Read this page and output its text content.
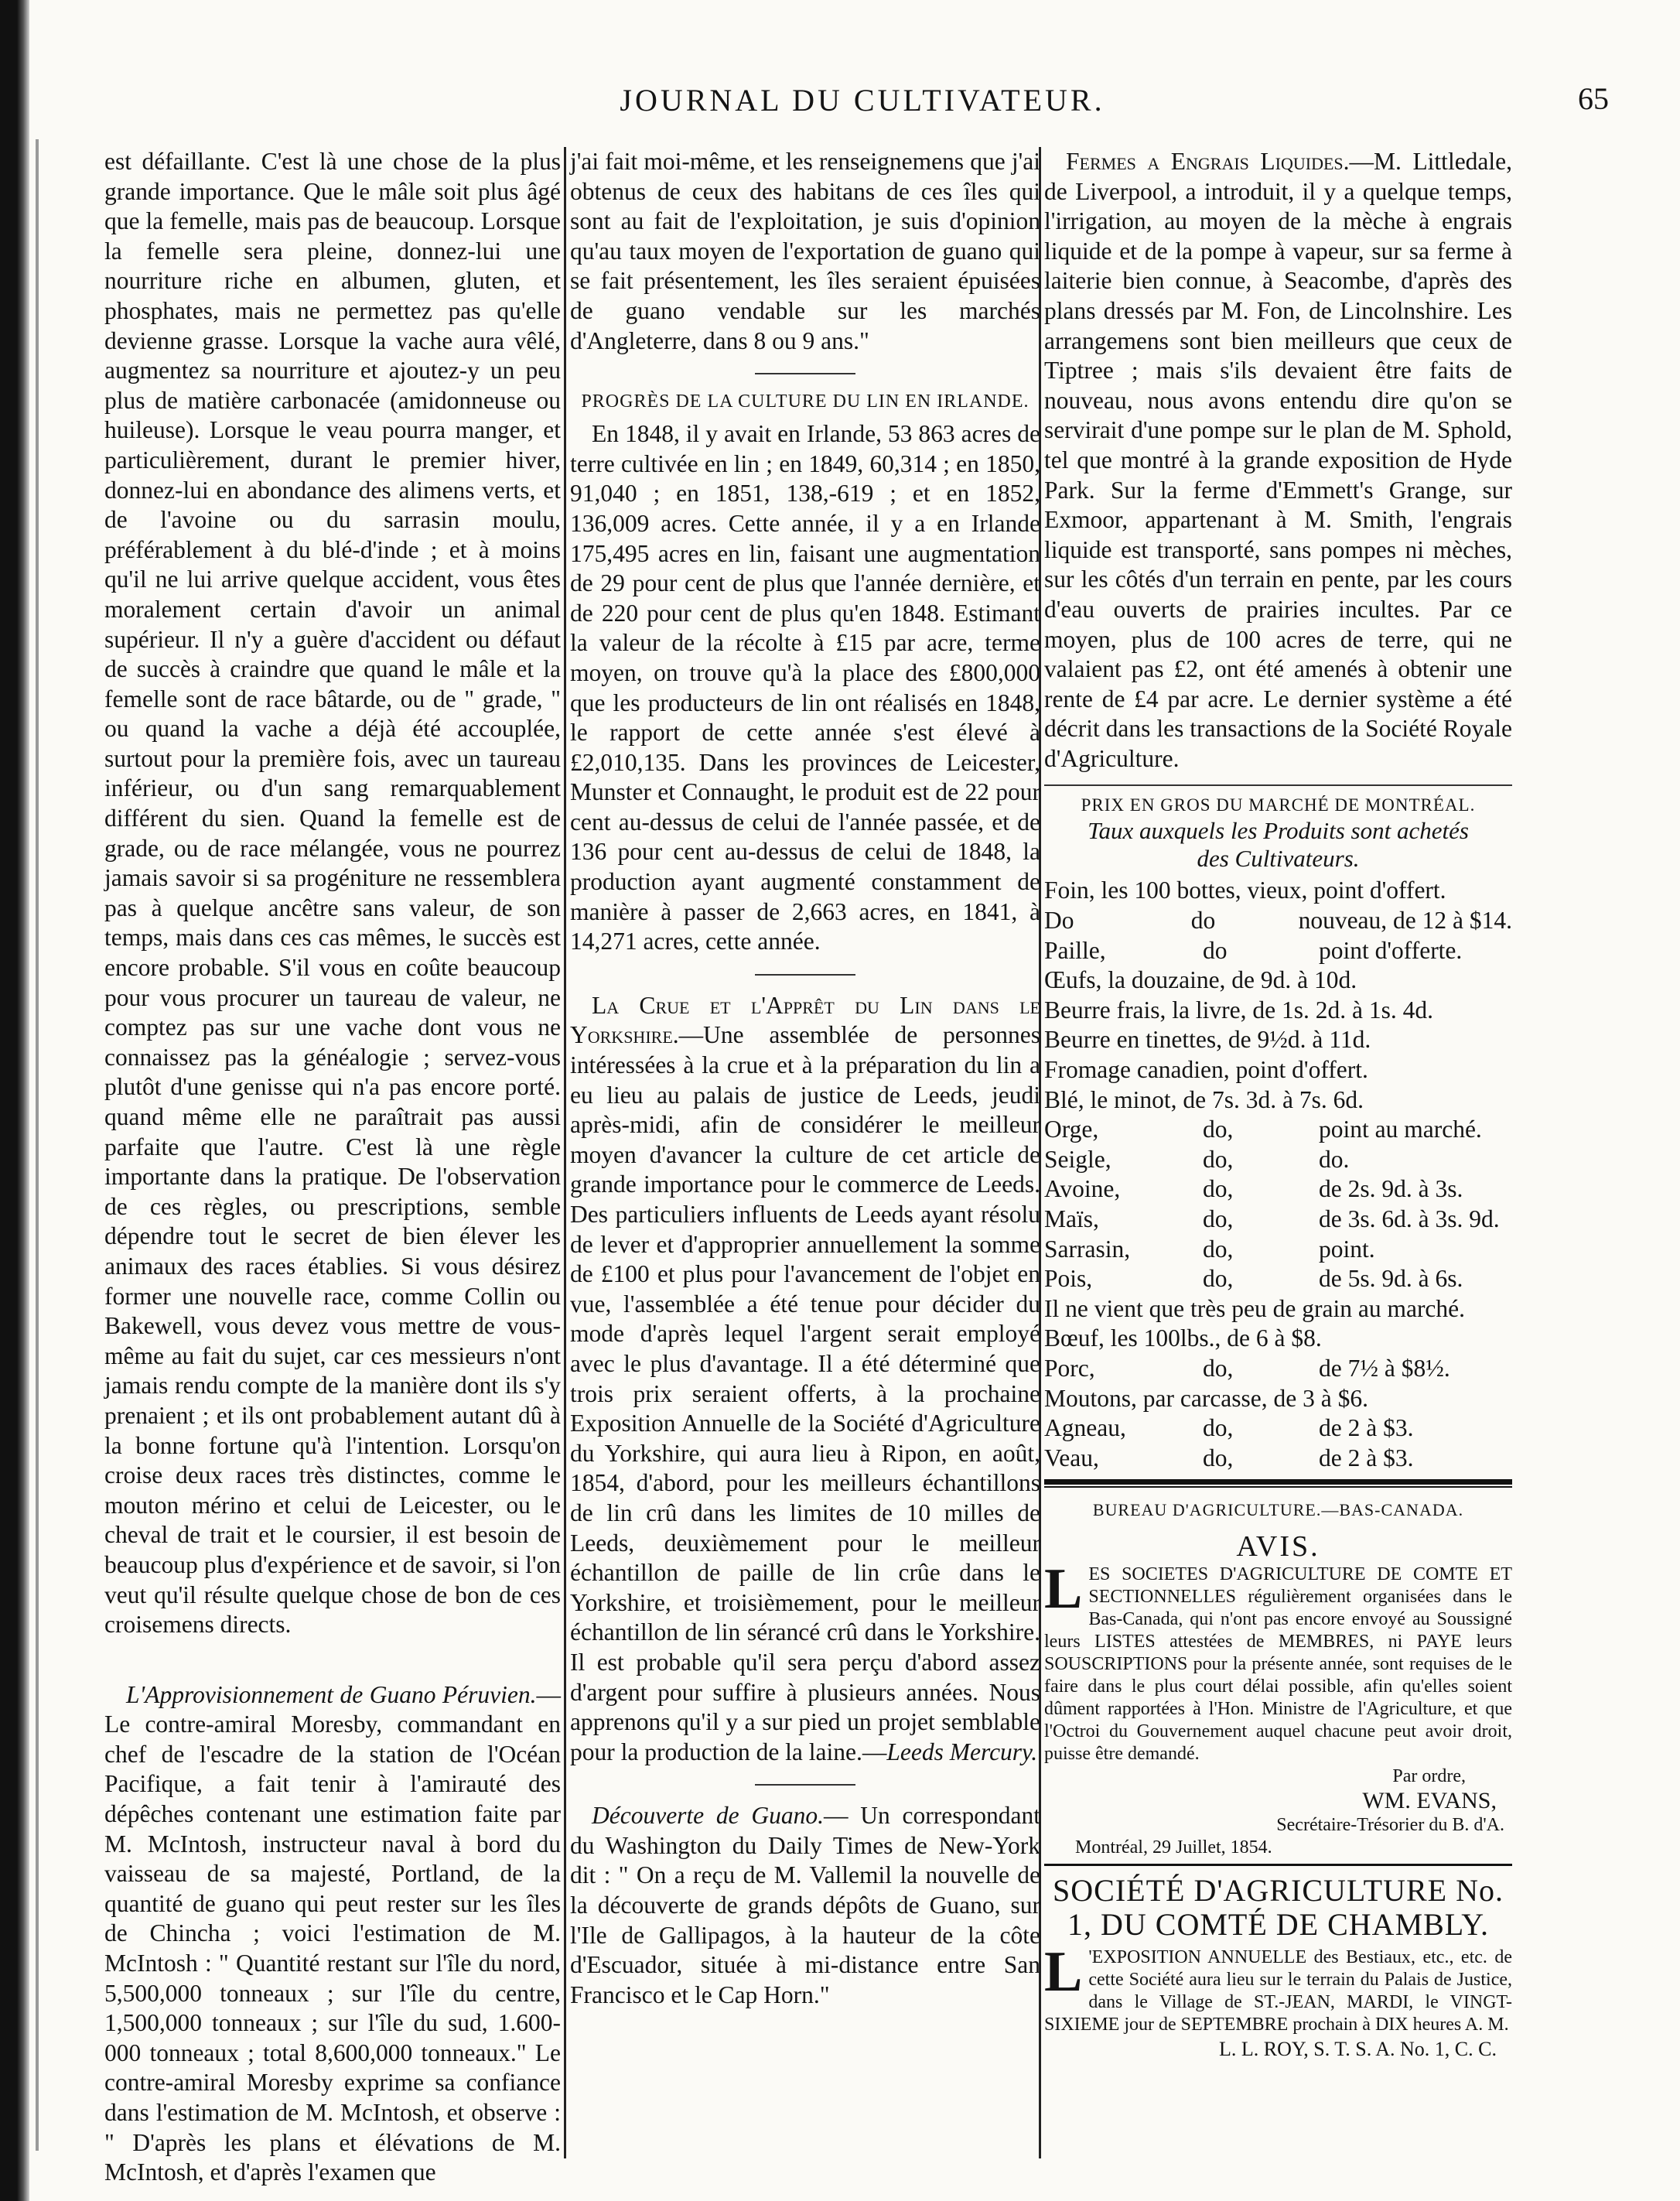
JOURNAL DU CULTIVATEUR.	65

est défaillante. C'est là une chose de la plus grande importance. Que le mâle soit plus âgé que la femelle, mais pas de beaucoup. Lorsque la femelle sera pleine, donnez-lui une nourriture riche en albumen, gluten, et phosphates, mais ne permettez pas qu'elle devienne grasse. Lorsque la vache aura vêlé, augmentez sa nourriture et ajoutez-y un peu plus de matière carbonacée (amidonneuse ou huileuse). Lorsque le veau pourra manger, et particulièrement, durant le premier hiver, donnez-lui en abondance des alimens verts, et de l'avoine ou du sarrasin moulu, préférablement à du blé-d'inde ; et à moins qu'il ne lui arrive quelque accident, vous êtes moralement certain d'avoir un animal supérieur. Il n'y a guère d'accident ou défaut de succès à craindre que quand le mâle et la femelle sont de race bâtarde, ou de " grade, " ou quand la vache a déjà été accouplée, surtout pour la première fois, avec un taureau inférieur, ou d'un sang remarquablement différent du sien. Quand la femelle est de grade, ou de race mélangée, vous ne pourrez jamais savoir si sa progéniture ne ressemblera pas à quelque ancêtre sans valeur, de son temps, mais dans ces cas mêmes, le succès est encore probable. S'il vous en coûte beaucoup pour vous procurer un taureau de valeur, ne comptez pas sur une vache dont vous ne connaissez pas la généalogie ; servez-vous plutôt d'une genisse qui n'a pas encore porté. quand même elle ne paraîtrait pas aussi parfaite que l'autre. C'est là une règle importante dans la pratique. De l'observation de ces règles, ou prescriptions, semble dépendre tout le secret de bien élever les animaux des races établies. Si vous désirez former une nouvelle race, comme Collin ou Bakewell, vous devez vous mettre de vous-même au fait du sujet, car ces messieurs n'ont jamais rendu compte de la manière dont ils s'y prenaient ; et ils ont probablement autant dû à la bonne fortune qu'à l'intention. Lorsqu'on croise deux races très distinctes, comme le mouton mérino et celui de Leicester, ou le cheval de trait et le coursier, il est besoin de beaucoup plus d'expérience et de savoir, si l'on veut qu'il résulte quelque chose de bon de ces croisemens directs.

L'Approvisionnement de Guano Péruvien.—Le contre-amiral Moresby, commandant en chef de l'escadre de la station de l'Océan Pacifique, a fait tenir à l'amirauté des dépêches contenant une estimation faite par M. McIntosh, instructeur naval à bord du vaisseau de sa majesté, Portland, de la quantité de guano qui peut rester sur les îles de Chincha ; voici l'estimation de M. McIntosh : " Quantité restant sur l'île du nord, 5,500,000 tonneaux ; sur l'île du centre, 1,500,000 tonneaux ; sur l'île du sud, 1.600-000 tonneaux ; total 8,600,000 tonneaux." Le contre-amiral Moresby exprime sa confiance dans l'estimation de M. McIntosh, et observe : " D'après les plans et élévations de M. McIntosh, et d'après l'examen que

j'ai fait moi-même, et les renseignemens que j'ai obtenus de ceux des habitans de ces îles qui sont au fait de l'exploitation, je suis d'opinion qu'au taux moyen de l'exportation de guano qui se fait présentement, les îles seraient épuisées de guano vendable sur les marchés d'Angleterre, dans 8 ou 9 ans."

PROGRÈS DE LA CULTURE DU LIN EN IRLANDE.

En 1848, il y avait en Irlande, 53 863 acres de terre cultivée en lin ; en 1849, 60,314 ; en 1850, 91,040 ; en 1851, 138,-619 ; et en 1852, 136,009 acres. Cette année, il y a en Irlande 175,495 acres en lin, faisant une augmentation de 29 pour cent de plus que l'année dernière, et de 220 pour cent de plus qu'en 1848. Estimant la valeur de la récolte à £15 par acre, terme moyen, on trouve qu'à la place des £800,000 que les producteurs de lin ont réalisés en 1848, le rapport de cette année s'est élevé à £2,010,135. Dans les provinces de Leicester, Munster et Connaught, le produit est de 22 pour cent au-dessus de celui de l'année passée, et de 136 pour cent au-dessus de celui de 1848, la production ayant augmenté constamment de manière à passer de 2,663 acres, en 1841, à 14,271 acres, cette année.

La Crue et l'Apprêt du Lin dans le Yorkshire.—Une assemblée de personnes intéressées à la crue et à la préparation du lin a eu lieu au palais de justice de Leeds, jeudi après-midi, afin de considérer le meilleur moyen d'avancer la culture de cet article de grande importance pour le commerce de Leeds. Des particuliers influents de Leeds ayant résolu de lever et d'approprier annuellement la somme de £100 et plus pour l'avancement de l'objet en vue, l'assemblée a été tenue pour décider du mode d'après lequel l'argent serait employé avec le plus d'avantage. Il a été déterminé que trois prix seraient offerts, à la prochaine Exposition Annuelle de la Société d'Agriculture du Yorkshire, qui aura lieu à Ripon, en août, 1854, d'abord, pour les meilleurs échantillons de lin crû dans les limites de 10 milles de Leeds, deuxièmement pour le meilleur échantillon de paille de lin crûe dans le Yorkshire, et troisièmement, pour le meilleur échantillon de lin sérancé crû dans le Yorkshire. Il est probable qu'il sera perçu d'abord assez d'argent pour suffire à plusieurs années. Nous apprenons qu'il y a sur pied un projet semblable pour la production de la laine.—Leeds Mercury.

Découverte de Guano.— Un correspondant du Washington du Daily Times de New-York dit : " On a reçu de M. Vallemil la nouvelle de la découverte de grands dépôts de Guano, sur l'Ile de Gallipagos, à la hauteur de la côte d'Escuador, située à mi-distance entre San Francisco et le Cap Horn."

Fermes a Engrais Liquides.—M. Littledale, de Liverpool, a introduit, il y a quelque temps, l'irrigation, au moyen de la mèche à engrais liquide et de la pompe à vapeur, sur sa ferme à laiterie bien connue, à Seacombe, d'après des plans dressés par M. Fon, de Lincolnshire. Les arrangemens sont bien meilleurs que ceux de Tiptree ; mais s'ils devaient être faits de nouveau, nous avons entendu dire qu'on se servirait d'une pompe sur le plan de M. Sphold, tel que montré à la grande exposition de Hyde Park. Sur la ferme d'Emmett's Grange, sur Exmoor, appartenant à M. Smith, l'engrais liquide est transporté, sans pompes ni mèches, sur les côtés d'un terrain en pente, par les cours d'eau ouverts de prairies incultes. Par ce moyen, plus de 100 acres de terre, qui ne valaient pas £2, ont été amenés à obtenir une rente de £4 par acre. Le dernier système a été décrit dans les transactions de la Société Royale d'Agriculture.

PRIX EN GROS DU MARCHÉ DE MONTRÉAL.
Taux auxquels les Produits sont achetés des Cultivateurs.
Foin, les 100 bottes, vieux, point d'offert.
Do	do	nouveau, de 12 à $14.
Paille,	do	point d'offerte.
Œufs, la douzaine, de 9d. à 10d.
Beurre frais, la livre, de 1s. 2d. à 1s. 4d.
Beurre en tinettes, de 9½d. à 11d.
Fromage canadien, point d'offert.
Blé, le minot, de 7s. 3d. à 7s. 6d.
Orge,	do,	point au marché.
Seigle,	do,	do.
Avoine,	do,	de 2s. 9d. à 3s.
Maïs,	do,	de 3s. 6d. à 3s. 9d.
Sarrasin,	do,	point.
Pois,	do,	de 5s. 9d. à 6s.
Il ne vient que très peu de grain au marché.
Bœuf, les 100lbs., de 6 à $8.
Porc,	do,	de 7½ à $8½.
Moutons, par carcasse, de 3 à $6.
Agneau,	do,	de 2 à $3.
Veau,	do,	de 2 à $3.
BUREAU D'AGRICULTURE.—BAS-CANADA.
AVIS.
LES SOCIETES D'AGRICULTURE DE COMTE ET SECTIONNELLES régulièrement organisées dans le Bas-Canada, qui n'ont pas encore envoyé au Soussigné leurs LISTES attestées de MEMBRES, ni PAYE leurs SOUSCRIPTIONS pour la présente année, sont requises de le faire dans le plus court délai possible, afin qu'elles soient dûment rapportées à l'Hon. Ministre de l'Agriculture, et que l'Octroi du Gouvernement auquel chacune peut avoir droit, puisse être demandé.
Par ordre,
WM. EVANS,
Secrétaire-Trésorier du B. d'A.
Montréal, 29 Juillet, 1854.
SOCIÉTÉ D'AGRICULTURE No. 1, DU COMTÉ DE CHAMBLY.
L 'EXPOSITION ANNUELLE des Bestiaux, etc., etc. de cette Société aura lieu sur le terrain du Palais de Justice, dans le Village de ST.-JEAN, MARDI, le VINGT-SIXIEME jour de SEPTEMBRE prochain à DIX heures A. M.
L. L. ROY, S. T. S. A. No. 1, C. C.
